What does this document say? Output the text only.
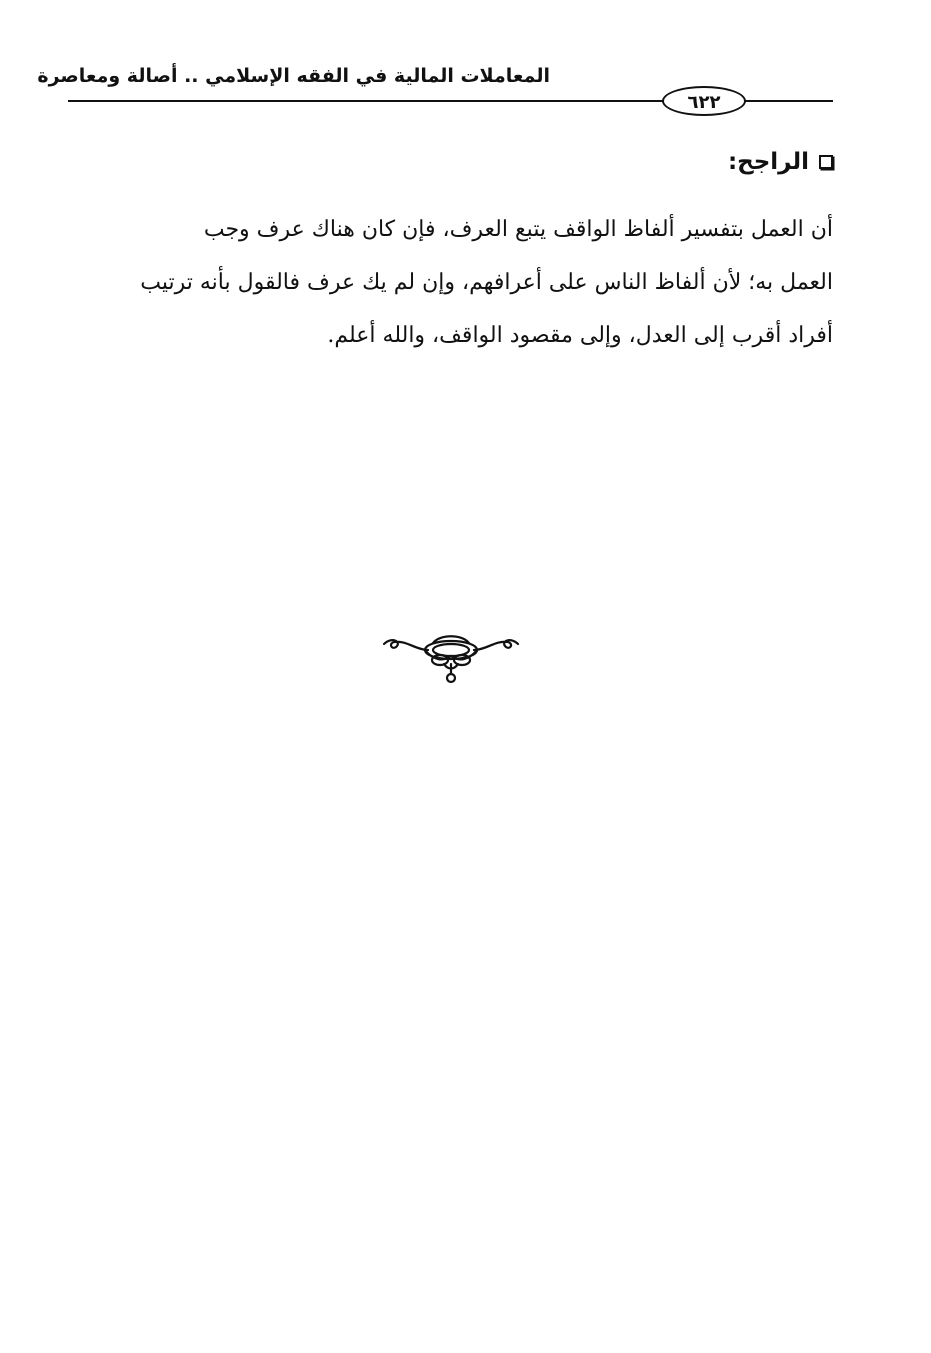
المعاملات المالية في الفقه الإسلامي .. أصالة ومعاصرة
٦٢٢
الراجح:
أن العمل بتفسير ألفاظ الواقف يتبع العرف، فإن كان هناك عرف وجب
العمل به؛ لأن ألفاظ الناس على أعرافهم، وإن لم يك عرف فالقول بأنه ترتيب
أفراد أقرب إلى العدل، وإلى مقصود الواقف، والله أعلم.
